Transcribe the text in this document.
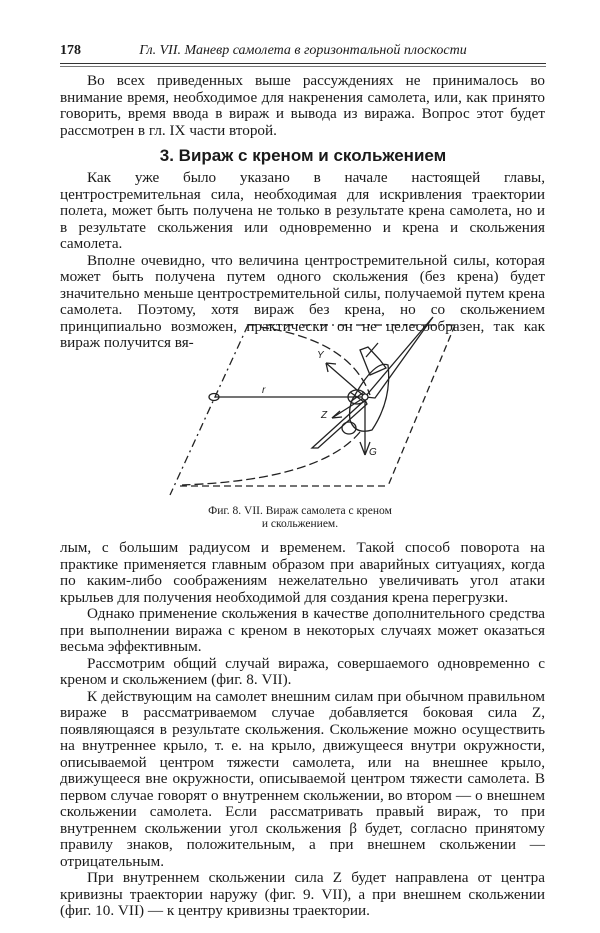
178	Гл. VII. Маневр самолета в горизонтальной плоскости

Во всех приведенных выше рассуждениях не принималось во внимание время, необходимое для накренения самолета, или, как принято говорить, время ввода в вираж и вывода из виража. Вопрос этот будет рассмотрен в гл. IX части второй.

3. Вираж с креном и скольжением

Как уже было указано в начале настоящей главы, центростремительная сила, необходимая для искривления траектории полета, может быть получена не только в результате крена самолета, но и в результате скольжения или одновременно и крена и скольжения самолета.

Вполне очевидно, что величина центростремительной силы, которая может быть получена путем одного скольжения (без крена) будет значительно меньше центростремительной силы, получаемой путем крена самолета. Поэтому, хотя вираж без крена, но со скольжением принципиально возможен, практически он не целесообразен, так как вираж получится вя-

r
Y
Z
G
Фиг. 8. VII. Вираж самолета с креном
и скольжением.

лым, с большим радиусом и временем. Такой способ поворота на практике применяется главным образом при аварийных ситуациях, когда по каким-либо соображениям нежелательно увеличивать угол атаки крыльев для получения необходимой для создания крена перегрузки.

Однако применение скольжения в качестве дополнительного средства при выполнении виража с креном в некоторых случаях может оказаться весьма эффективным.

Рассмотрим общий случай виража, совершаемого одновременно с креном и скольжением (фиг. 8. VII).

К действующим на самолет внешним силам при обычном правильном вираже в рассматриваемом случае добавляется боковая сила Z, появляющаяся в результате скольжения. Скольжение можно осуществить на внутреннее крыло, т. е. на крыло, движущееся внутри окружности, описываемой центром тяжести самолета, или на внешнее крыло, движущееся вне окружности, описываемой центром тяжести самолета. В первом случае говорят о внутреннем скольжении, во втором — о внешнем скольжении самолета. Если рассматривать правый вираж, то при внутреннем скольжении угол скольжения β будет, согласно принятому правилу знаков, положительным, а при внешнем скольжении — отрицательным.

При внутреннем скольжении сила Z будет направлена от центра кривизны траектории наружу (фиг. 9. VII), а при внешнем скольжении (фиг. 10. VII) — к центру кривизны траектории.
